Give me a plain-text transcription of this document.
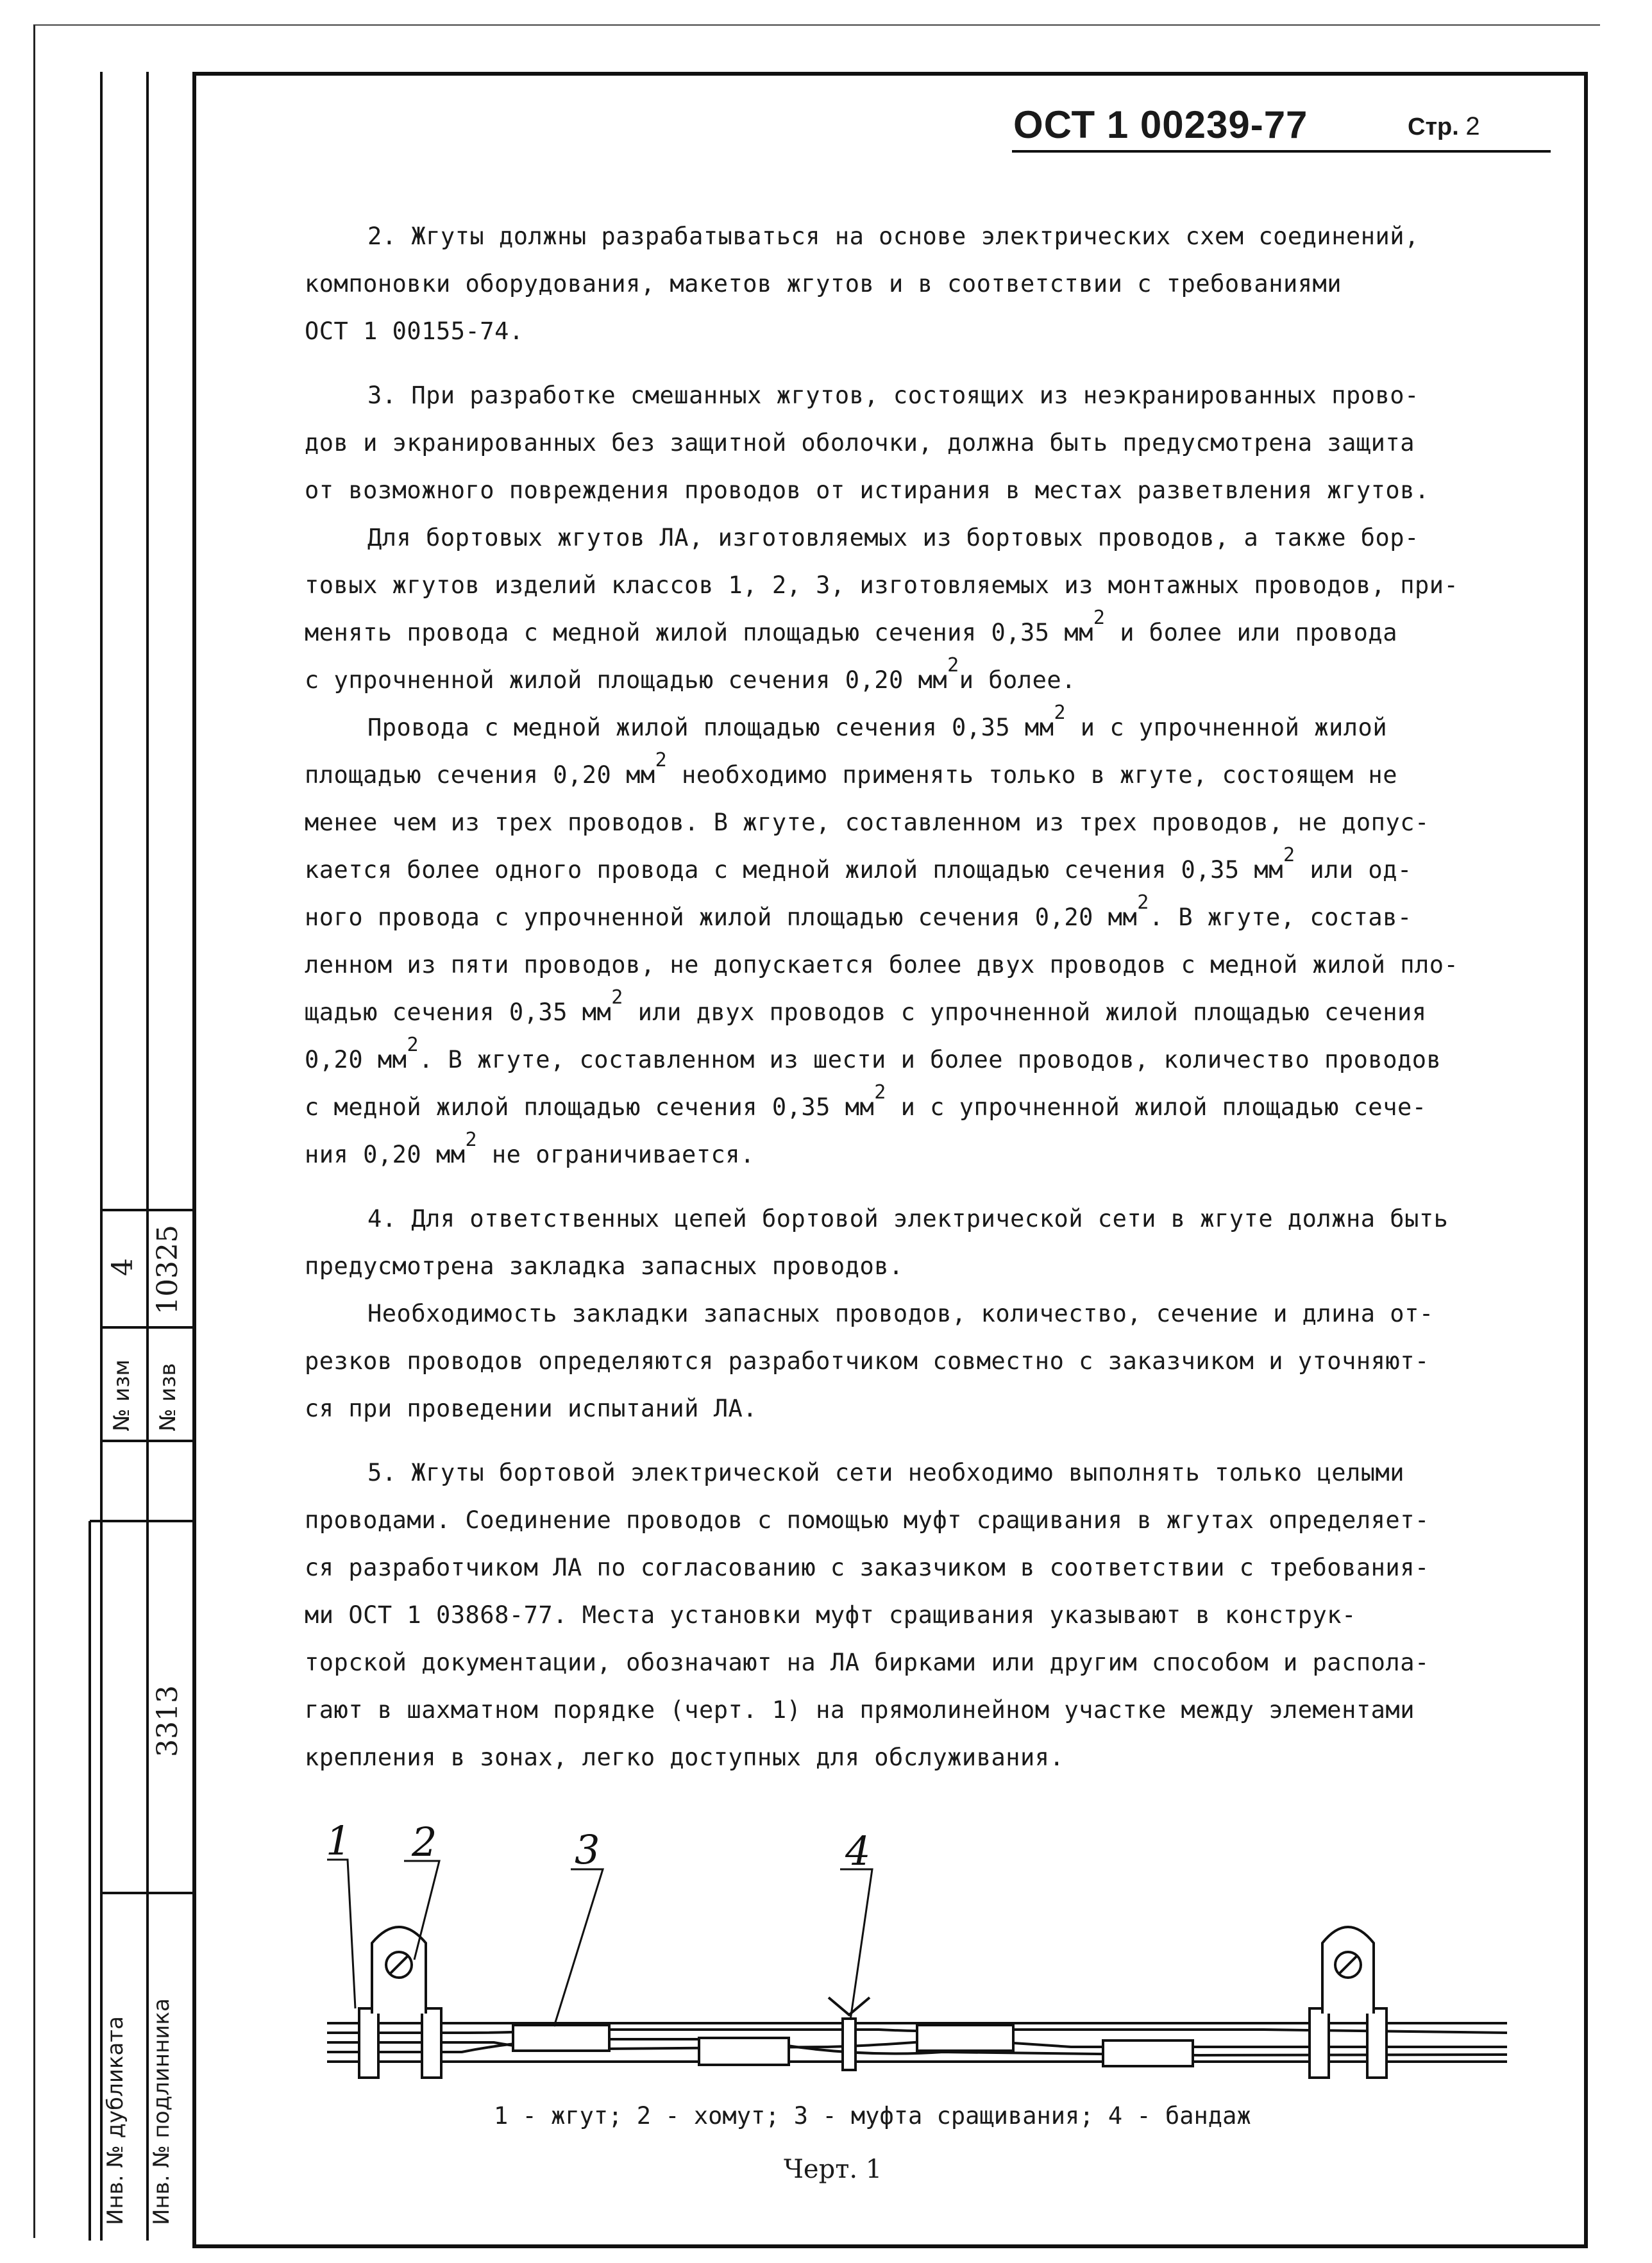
№ изм
4
№ изв
10325
3313
Инв. № дубликата Инв. № подлинника
ОСТ 1 00239-77	Стр. 2
2. Жгуты должны разрабатываться на основе электрических схем соединений,
компоновки оборудования, макетов жгутов и в соответствии с требованиями
ОСТ 1 00155-74.
3. При разработке смешанных жгутов, состоящих из неэкранированных прово-
дов и экранированных без защитной оболочки, должна быть предусмотрена защита
от возможного повреждения проводов от истирания в местах разветвления жгутов.
Для бортовых жгутов ЛА, изготовляемых из бортовых проводов, а также бор-
товых жгутов изделий классов 1, 2, 3, изготовляемых из монтажных проводов, при-
менять провода с медной жилой площадью сечения 0,35 $мм^2$ и более или провода
с упрочненной жилой площадью сечения 0,20 $мм^2и$ более.
Провода с медной жилой площадью сечения 0,35 $мм^2$ и с упрочненной жилой
площадью сечения 0,20 $мм^2$ необходимо применять только в жгуте, состоящем не
менее чем из трех проводов. В жгуте, составленном из трех проводов, не допус-
кается более одного провода с медной жилой площадью сечения 0,35 $мм^2$ или од-
ного провода с упрочненной жилой площадью сечения 0,20 $мм^2$. В жгуте, состав-
ленном из пяти проводов, не допускается более двух проводов с медной жилой пло-
щадью сечения 0,35 $мм^2$ или двух проводов с упрочненной жилой площадью сечения
0,20 $мм^2$. В жгуте, составленном из шести и более проводов, количество проводов
с медной жилой площадью сечения 0,35 $мм^2$ и с упрочненной жилой площадью сече-
ния 0,20 $мм^2$ не ограничивается.
4. Для ответственных цепей бортовой электрической сети в жгуте должна быть
предусмотрена закладка запасных проводов.
Необходимость закладки запасных проводов, количество, сечение и длина от-
резков проводов определяются разработчиком совместно с заказчиком и уточняют-
ся при проведении испытаний ЛА.
5. Жгуты бортовой электрической сети необходимо выполнять только целыми
проводами. Соединение проводов с помощью муфт сращивания в жгутах определяет-
ся разработчиком ЛА по согласованию с заказчиком в соответствии с требования-
ми ОСТ 1 03868-77. Места установки муфт сращивания указывают в конструк-
торской документации, обозначают на ЛА бирками или другим способом и распола-
гают в шахматном порядке (черт. 1) на прямолинейном участке между элементами
крепления в зонах, легко доступных для обслуживания.
1 2	3	4
1 - жгут; 2 - хомут; 3 - муфта сращивания; 4 - бандаж
Черт. 1
